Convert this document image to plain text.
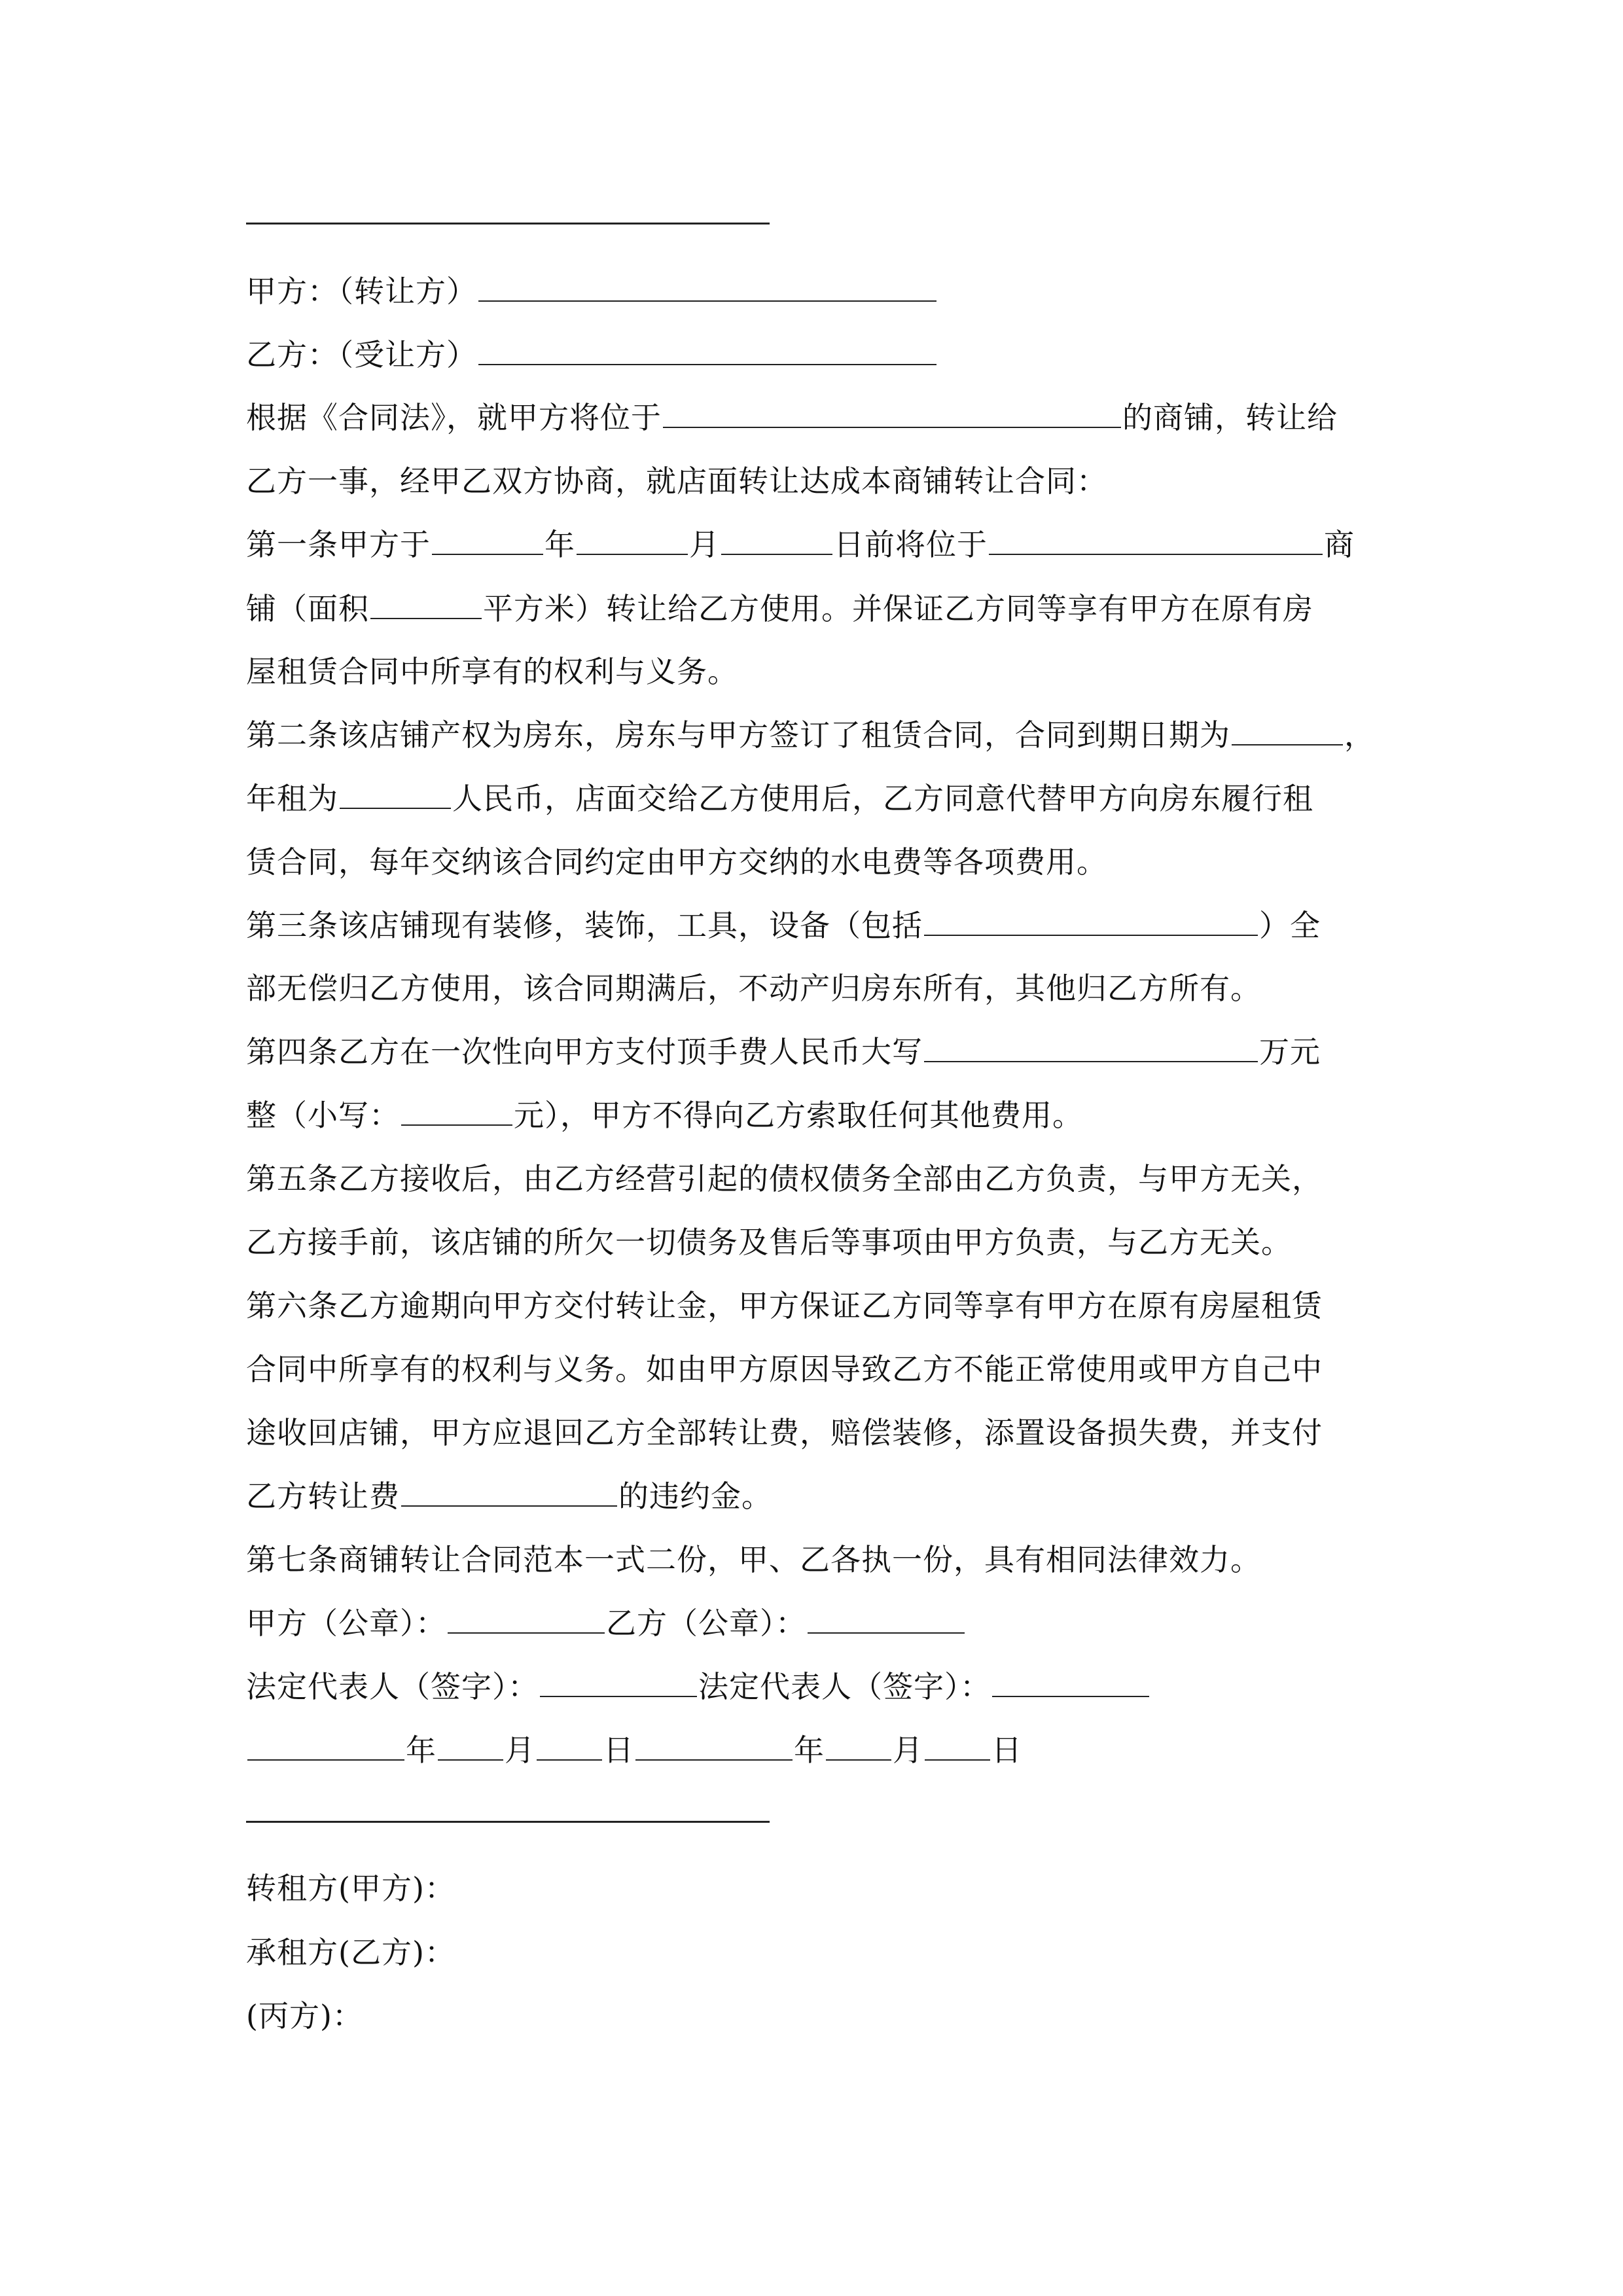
甲方：（转让方）
乙方：（受让方）
根据《合同法》，就甲方将位于	的商铺，转让给
乙方一事，经甲乙双方协商，就店面转让达成本商铺转让合同：
第一条甲方于	年	月	日前将位于	商
铺（面积	平方米）转让给乙方使用。并保证乙方同等享有甲方在原有房
屋租赁合同中所享有的权利与义务。
第二条该店铺产权为房东，房东与甲方签订了租赁合同，合同到期日期为	，
年租为	人民币，店面交给乙方使用后，乙方同意代替甲方向房东履行租
赁合同，每年交纳该合同约定由甲方交纳的水电费等各项费用。
第三条该店铺现有装修，装饰，工具，设备（包括	）全
部无偿归乙方使用，该合同期满后，不动产归房东所有，其他归乙方所有。
第四条乙方在一次性向甲方支付顶手费人民币大写	万元
整（小写：	元），甲方不得向乙方索取任何其他费用。
第五条乙方接收后，由乙方经营引起的债权债务全部由乙方负责，与甲方无关，
乙方接手前，该店铺的所欠一切债务及售后等事项由甲方负责，与乙方无关。
第六条乙方逾期向甲方交付转让金，甲方保证乙方同等享有甲方在原有房屋租赁
合同中所享有的权利与义务。如由甲方原因导致乙方不能正常使用或甲方自己中
途收回店铺，甲方应退回乙方全部转让费，赔偿装修，添置设备损失费，并支付
乙方转让费	的违约金。
第七条商铺转让合同范本一式二份，甲、乙各执一份，具有相同法律效力。
甲方（公章）：	乙方（公章）：
法定代表人（签字）：	法定代表人（签字）：
年 月 日	年 月 日
转租方(甲方)：
承租方(乙方)：
(丙方)：
